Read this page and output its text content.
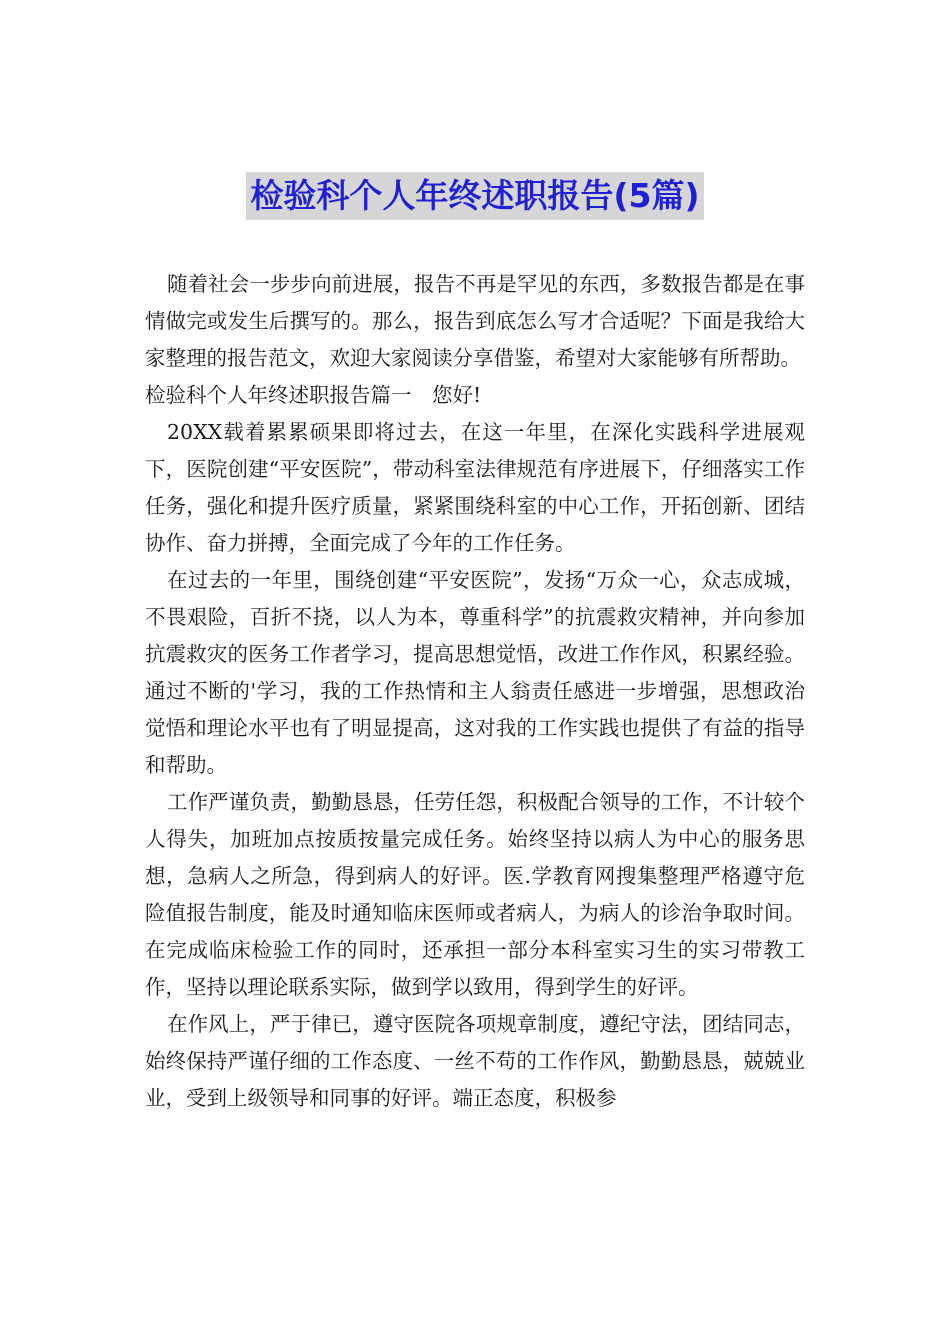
检验科个人年终述职报告(5篇)

随着社会一步步向前进展，报告不再是罕见的东西，多数报告都是在事情做完或发生后撰写的。那么，报告到底怎么写才合适呢？下面是我给大家整理的报告范文，欢迎大家阅读分享借鉴，希望对大家能够有所帮助。

检验科个人年终述职报告篇一　您好!

20XX载着累累硕果即将过去，在这一年里，在深化实践科学进展观下，医院创建“平安医院”，带动科室法律规范有序进展下，仔细落实工作任务，强化和提升医疗质量，紧紧围绕科室的中心工作，开拓创新、团结协作、奋力拼搏，全面完成了今年的工作任务。

在过去的一年里，围绕创建“平安医院”，发扬“万众一心，众志成城，不畏艰险，百折不挠，以人为本，尊重科学”的抗震救灾精神，并向参加抗震救灾的医务工作者学习，提高思想觉悟，改进工作作风，积累经验。通过不断的'学习，我的工作热情和主人翁责任感进一步增强，思想政治觉悟和理论水平也有了明显提高，这对我的工作实践也提供了有益的指导和帮助。

工作严谨负责，勤勤恳恳，任劳任怨，积极配合领导的工作，不计较个人得失，加班加点按质按量完成任务。始终坚持以病人为中心的服务思想，急病人之所急，得到病人的好评。医.学教育网搜集整理严格遵守危险值报告制度，能及时通知临床医师或者病人，为病人的诊治争取时间。在完成临床检验工作的同时，还承担一部分本科室实习生的实习带教工作，坚持以理论联系实际，做到学以致用，得到学生的好评。

在作风上，严于律已，遵守医院各项规章制度，遵纪守法，团结同志，始终保持严谨仔细的工作态度、一丝不苟的工作作风，勤勤恳恳，兢兢业业，受到上级领导和同事的好评。端正态度，积极参
